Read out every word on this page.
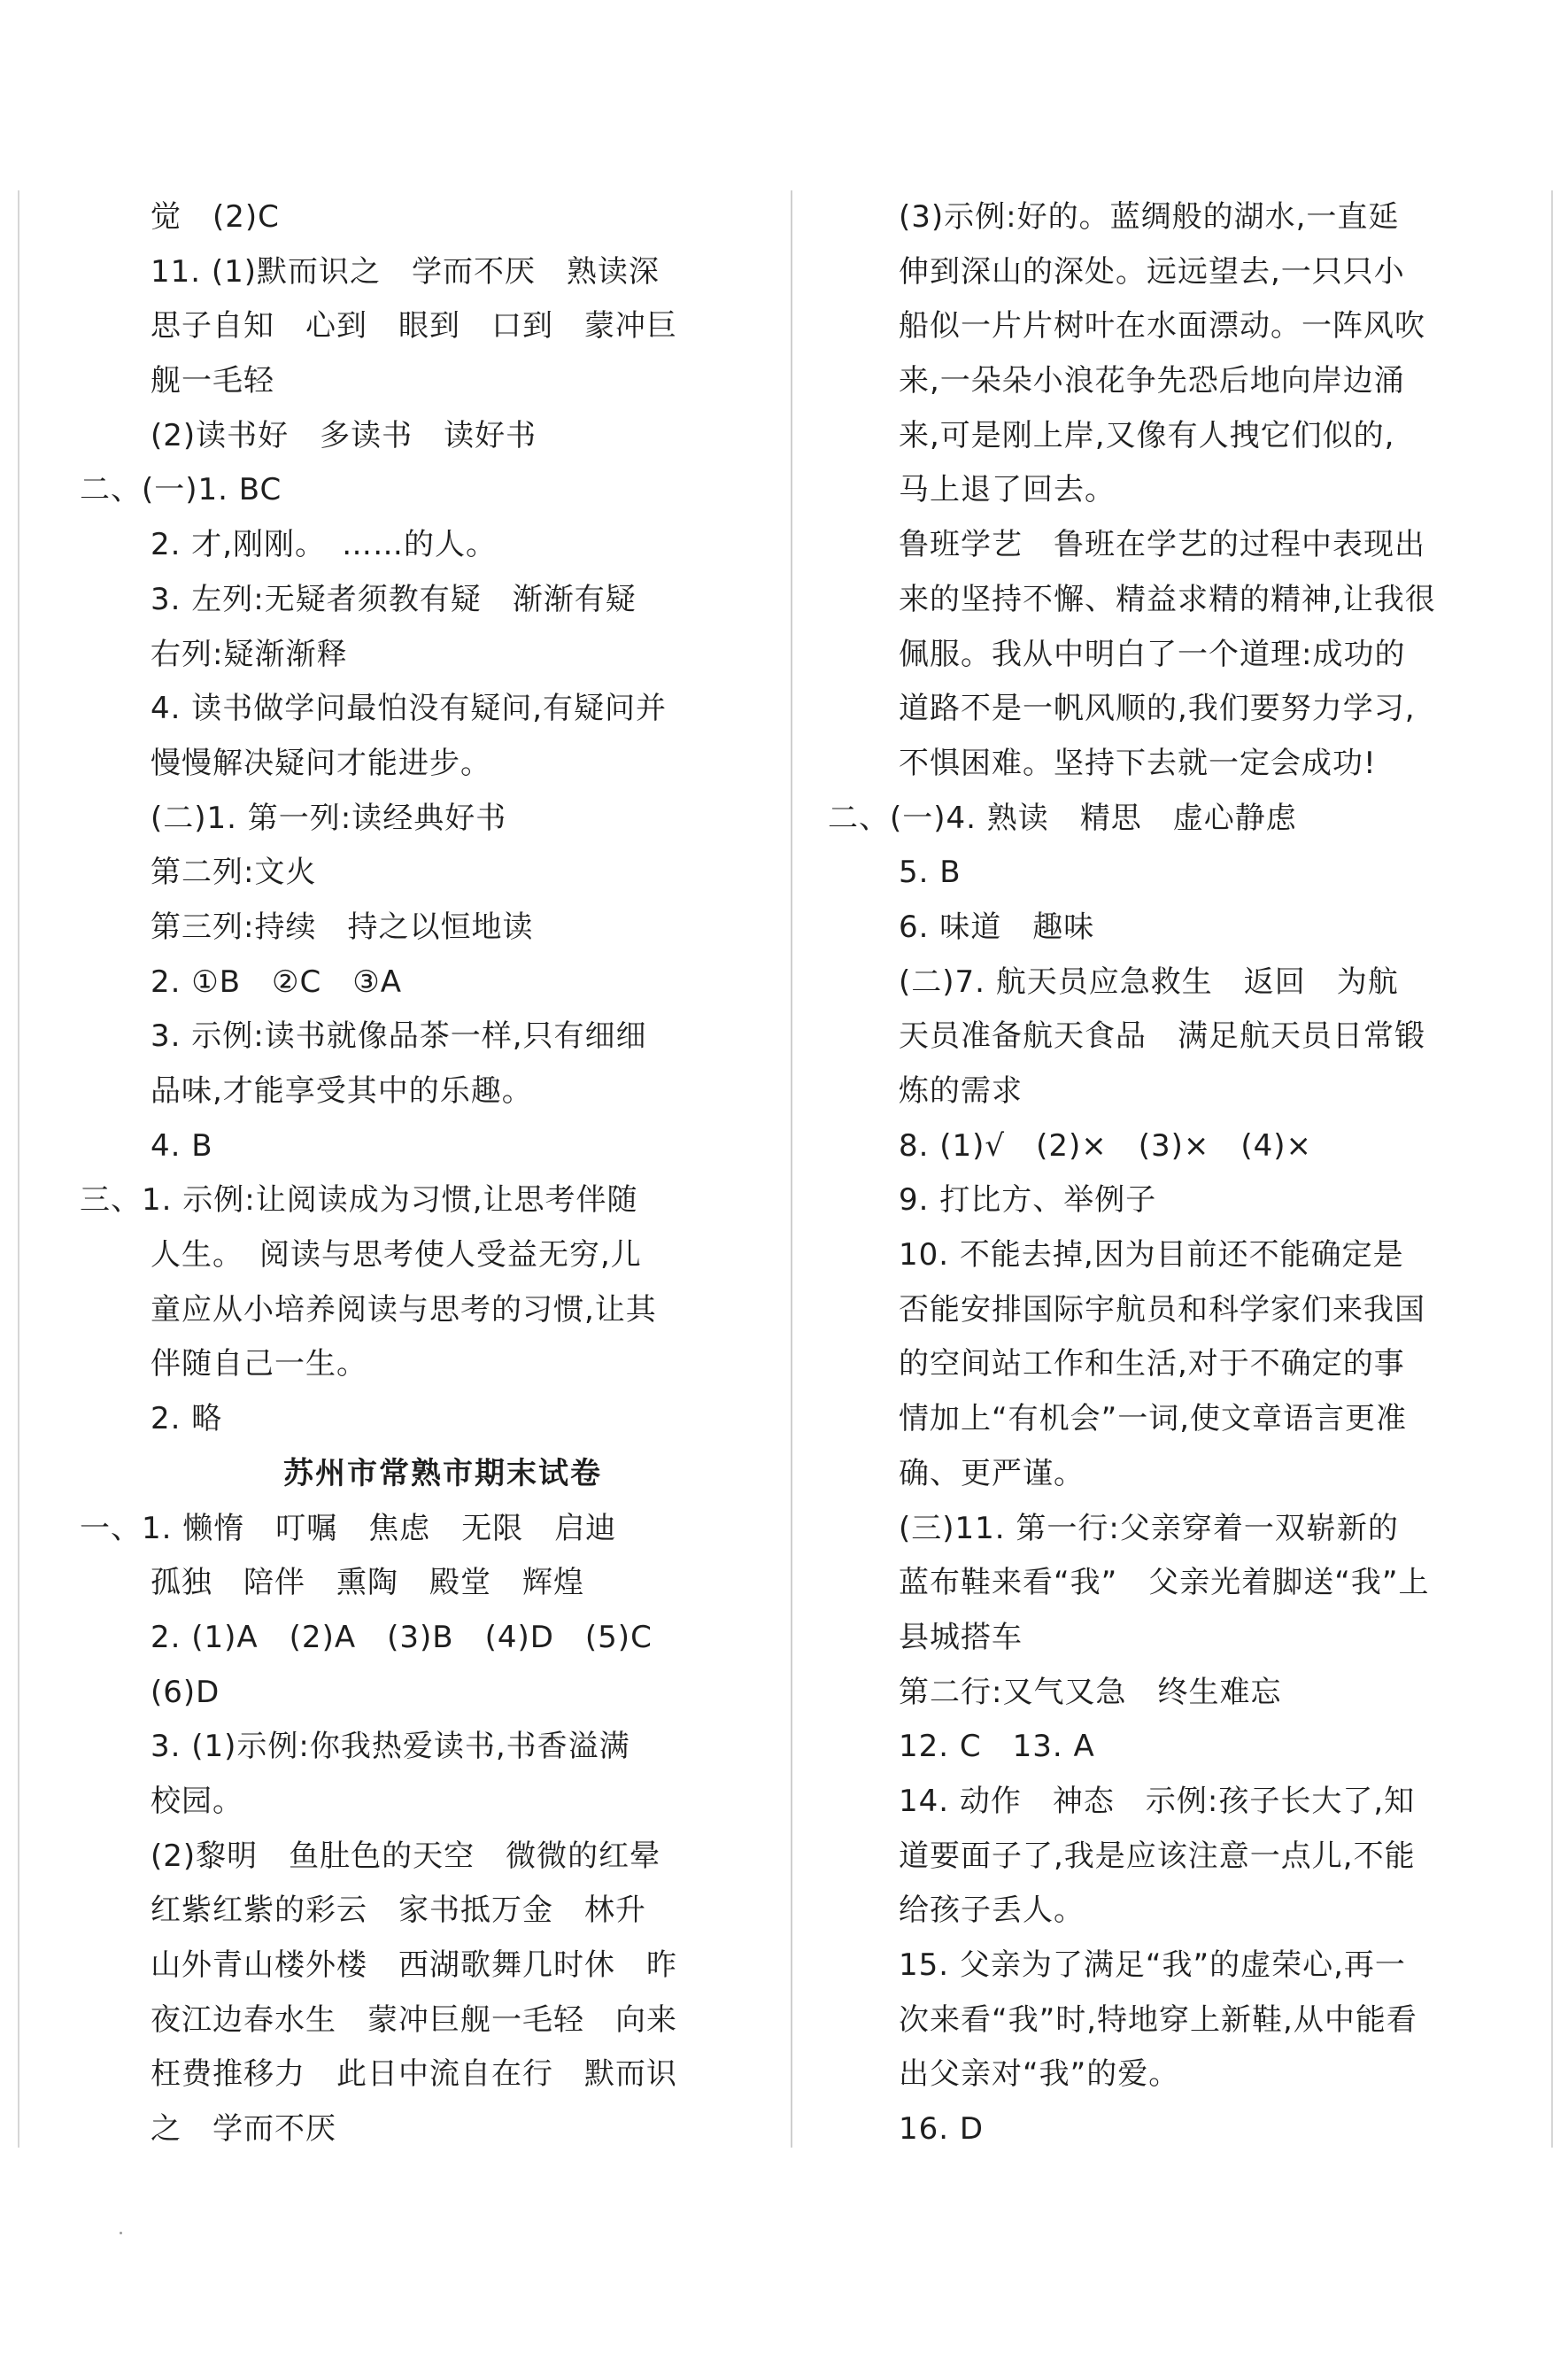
觉　(2)C
11. (1)默而识之　学而不厌　熟读深
思子自知　心到　眼到　口到　蒙冲巨
舰一毛轻
(2)读书好　多读书　读好书
二、(一)1. BC
2. 才,刚刚。　……的人。
3. 左列:无疑者须教有疑　渐渐有疑
右列:疑渐渐释
4. 读书做学问最怕没有疑问,有疑问并
慢慢解决疑问才能进步。
(二)1. 第一列:读经典好书
第二列:文火
第三列:持续　持之以恒地读
2. ①B　②C　③A
3. 示例:读书就像品茶一样,只有细细
品味,才能享受其中的乐趣。
4. B
三、1. 示例:让阅读成为习惯,让思考伴随
人生。　阅读与思考使人受益无穷,儿
童应从小培养阅读与思考的习惯,让其
伴随自己一生。
2. 略
苏州市常熟市期末试卷
一、1. 懒惰　叮嘱　焦虑　无限　启迪
孤独　陪伴　熏陶　殿堂　辉煌
2. (1)A　(2)A　(3)B　(4)D　(5)C
(6)D
3. (1)示例:你我热爱读书,书香溢满
校园。
(2)黎明　鱼肚色的天空　微微的红晕
红紫红紫的彩云　家书抵万金　林升
山外青山楼外楼　西湖歌舞几时休　昨
夜江边春水生　蒙冲巨舰一毛轻　向来
枉费推移力　此日中流自在行　默而识
之　学而不厌
(3)示例:好的。蓝绸般的湖水,一直延
伸到深山的深处。远远望去,一只只小
船似一片片树叶在水面漂动。一阵风吹
来,一朵朵小浪花争先恐后地向岸边涌
来,可是刚上岸,又像有人拽它们似的,
马上退了回去。
鲁班学艺　鲁班在学艺的过程中表现出
来的坚持不懈、精益求精的精神,让我很
佩服。我从中明白了一个道理:成功的
道路不是一帆风顺的,我们要努力学习,
不惧困难。坚持下去就一定会成功!
二、(一)4. 熟读　精思　虚心静虑
5. B
6. 味道　趣味
(二)7. 航天员应急救生　返回　为航
天员准备航天食品　满足航天员日常锻
炼的需求
8. (1)√　(2)×　(3)×　(4)×
9. 打比方、举例子
10. 不能去掉,因为目前还不能确定是
否能安排国际宇航员和科学家们来我国
的空间站工作和生活,对于不确定的事
情加上“有机会”一词,使文章语言更准
确、更严谨。
(三)11. 第一行:父亲穿着一双崭新的
蓝布鞋来看“我”　父亲光着脚送“我”上
县城搭车
第二行:又气又急　终生难忘
12. C　13. A
14. 动作　神态　示例:孩子长大了,知
道要面子了,我是应该注意一点儿,不能
给孩子丢人。
15. 父亲为了满足“我”的虚荣心,再一
次来看“我”时,特地穿上新鞋,从中能看
出父亲对“我”的爱。
16. D
